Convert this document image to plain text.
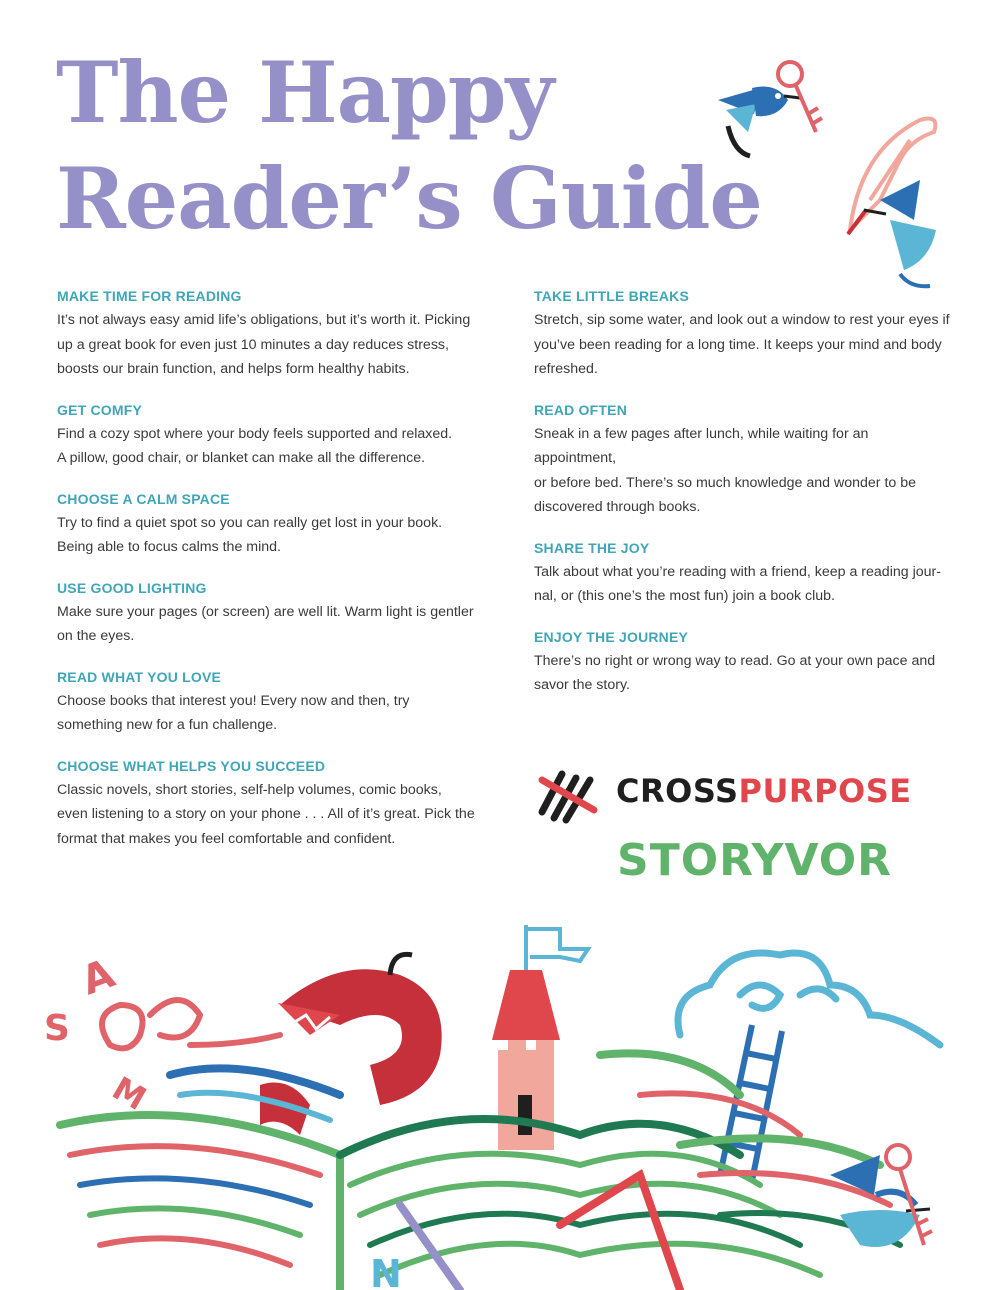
The Happy
Reader’s Guide
MAKE TIME FOR READING

It’s not always easy amid life’s obligations, but it’s worth it. Picking
up a great book for even just 10 minutes a day reduces stress,
boosts our brain function, and helps form healthy habits.

GET COMFY

Find a cozy spot where your body feels supported and relaxed.
A pillow, good chair, or blanket can make all the difference.

CHOOSE A CALM SPACE

Try to find a quiet spot so you can really get lost in your book.
Being able to focus calms the mind.

USE GOOD LIGHTING

Make sure your pages (or screen) are well lit. Warm light is gentler
on the eyes.

READ WHAT YOU LOVE

Choose books that interest you! Every now and then, try
something new for a fun challenge.

CHOOSE WHAT HELPS YOU SUCCEED

Classic novels, short stories, self-help volumes, comic books,
even listening to a story on your phone . . . All of it’s great. Pick the
format that makes you feel comfortable and confident.

TAKE LITTLE BREAKS

Stretch, sip some water, and look out a window to rest your eyes if
you’ve been reading for a long time. It keeps your mind and body
refreshed.

READ OFTEN

Sneak in a few pages after lunch, while waiting for an appointment,
or before bed. There’s so much knowledge and wonder to be
discovered through books.

SHARE THE JOY

Talk about what you’re reading with a friend, keep a reading jour-
nal, or (this one’s the most fun) join a book club.

ENJOY THE JOURNEY

There’s no right or wrong way to read. Go at your own pace and
savor the story.

CROSSPURPOSE
STORYVOR
A
S
M
N
